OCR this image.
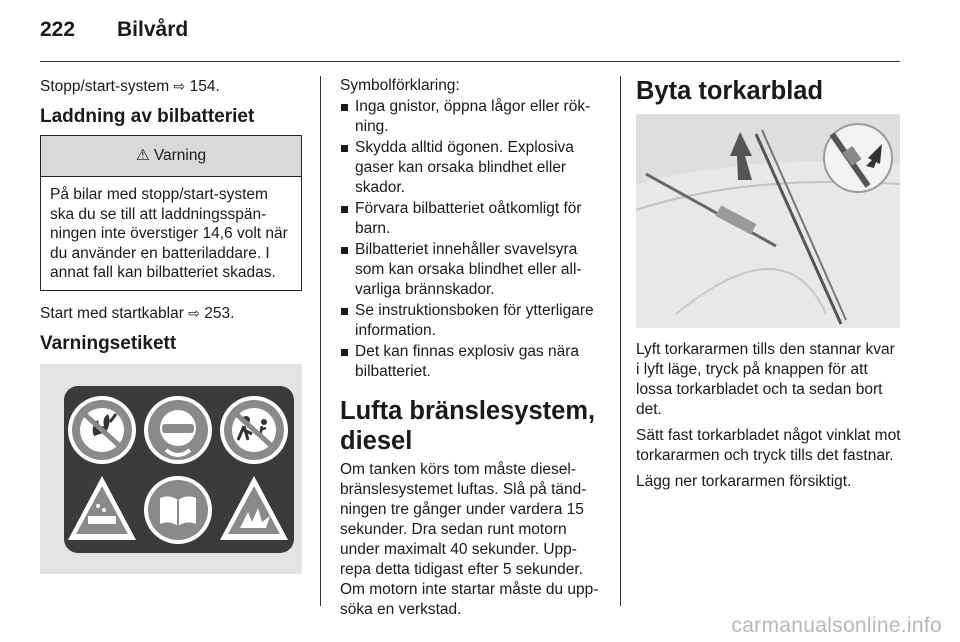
222 Bilvård

Stopp/start-system ⇨ 154.

Laddning av bilbatteriet

⚠ Varning
På bilar med stopp/start-system ska du se till att laddningsspän-ningen inte överstiger 14,6 volt när du använder en batteriladdare. I annat fall kan bilbatteriet skadas.

Start med startkablar ⇨ 253.

Varningsetikett

Symbolförklaring:

Inga gnistor, öppna lågor eller rök-ning.
Skydda alltid ögonen. Explosiva gaser kan orsaka blindhet eller skador.
Förvara bilbatteriet oåtkomligt för barn.
Bilbatteriet innehåller svavelsyra som kan orsaka blindhet eller all-varliga brännskador.
Se instruktionsboken för ytterligare information.
Det kan finnas explosiv gas nära bilbatteriet.

Lufta bränslesystem, diesel

Om tanken körs tom måste diesel-bränslesystemet luftas. Slå på tänd-ningen tre gånger under vardera 15 sekunder. Dra sedan runt motorn under maximalt 40 sekunder. Upp-repa detta tidigast efter 5 sekunder. Om motorn inte startar måste du upp-söka en verkstad.

Byta torkarblad

Lyft torkararmen tills den stannar kvar i lyft läge, tryck på knappen för att lossa torkarbladet och ta sedan bort det.

Sätt fast torkarbladet något vinklat mot torkararmen och tryck tills det fastnar.

Lägg ner torkararmen försiktigt.

carmanualsonline.info
